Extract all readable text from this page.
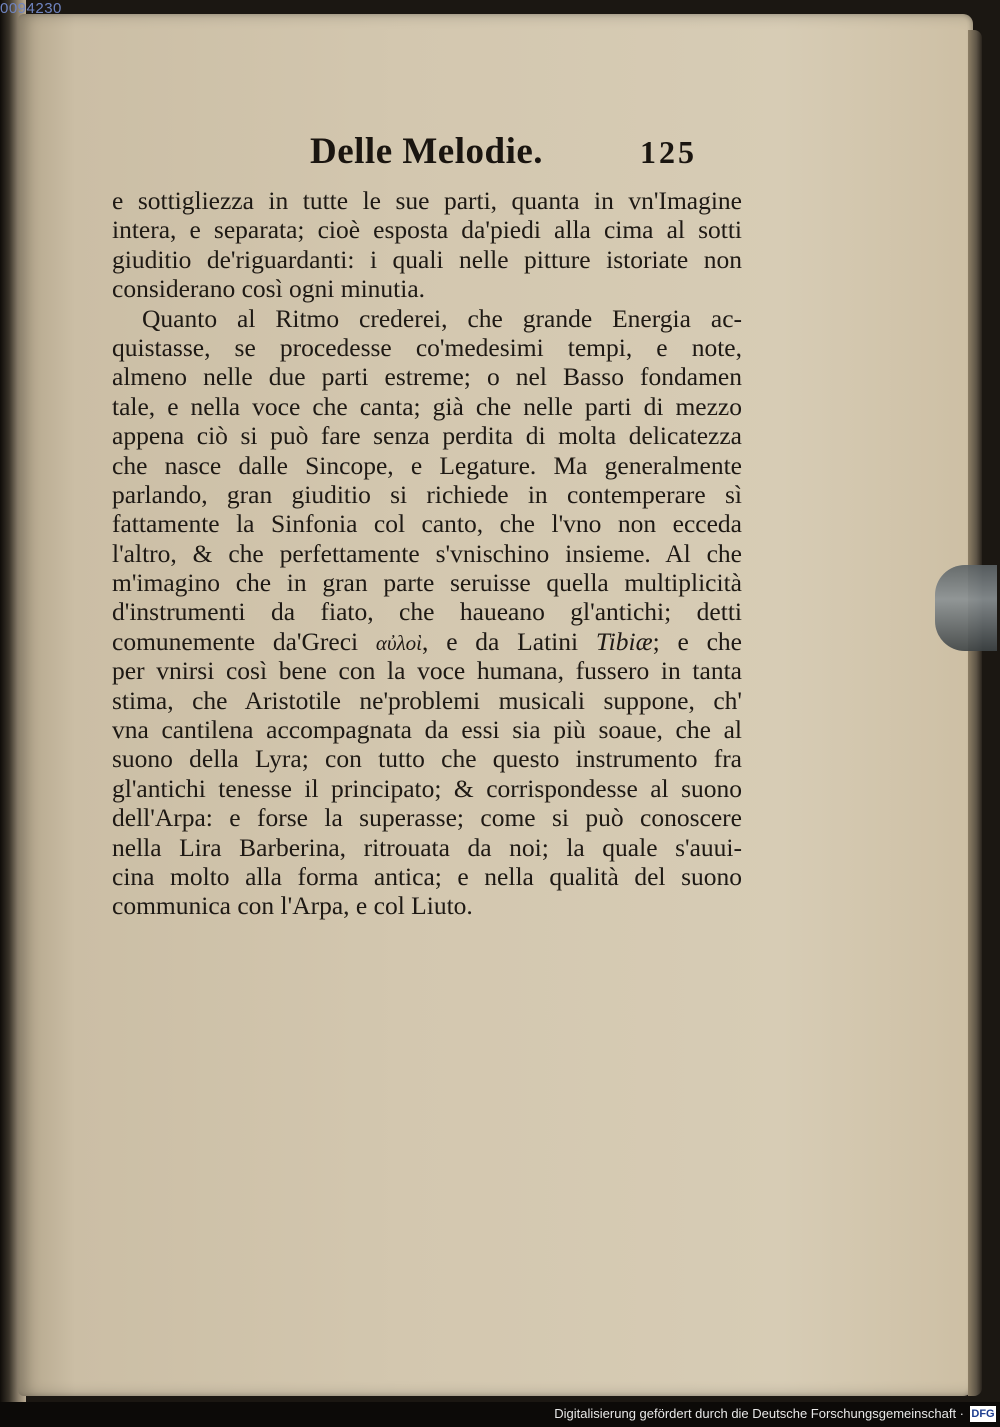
0094230
Delle Melodie.	125
e sottigliezza in tutte le sue parti, quanta in vn'Imagine
intera, e separata; cioè esposta da'piedi alla cima al sotti
giuditio de'riguardanti: i quali nelle pitture istoriate non
considerano così ogni minutia.
Quanto al Ritmo crederei, che grande Energia ac-
quistasse, se procedesse co'medesimi tempi, e note,
almeno nelle due parti estreme; o nel Basso fondamen
tale, e nella voce che canta; già che nelle parti di mezzo
appena ciò si può fare senza perdita di molta delicatezza
che nasce dalle Sincope, e Legature. Ma generalmente
parlando, gran giuditio si richiede in contemperare sì
fattamente la Sinfonia col canto, che l'vno non ecceda
l'altro, & che perfettamente s'vnischino insieme. Al che
m'imagino che in gran parte seruisse quella multiplicità
d'instrumenti da fiato, che haueano gl'antichi; detti
comunemente da'Greci αὐλοὶ, e da Latini Tibiæ; e che
per vnirsi così bene con la voce humana, fussero in tanta
stima, che Aristotile ne'problemi musicali suppone, ch'
vna cantilena accompagnata da essi sia più soaue, che al
suono della Lyra; con tutto che questo instrumento fra
gl'antichi tenesse il principato; & corrispondesse al suono
dell'Arpa: e forse la superasse; come si può conoscere
nella Lira Barberina, ritrouata da noi; la quale s'auui-
cina molto alla forma antica; e nella qualità del suono
communica con l'Arpa, e col Liuto.
Digitalisierung gefördert durch die Deutsche Forschungsgemeinschaft · DFG
